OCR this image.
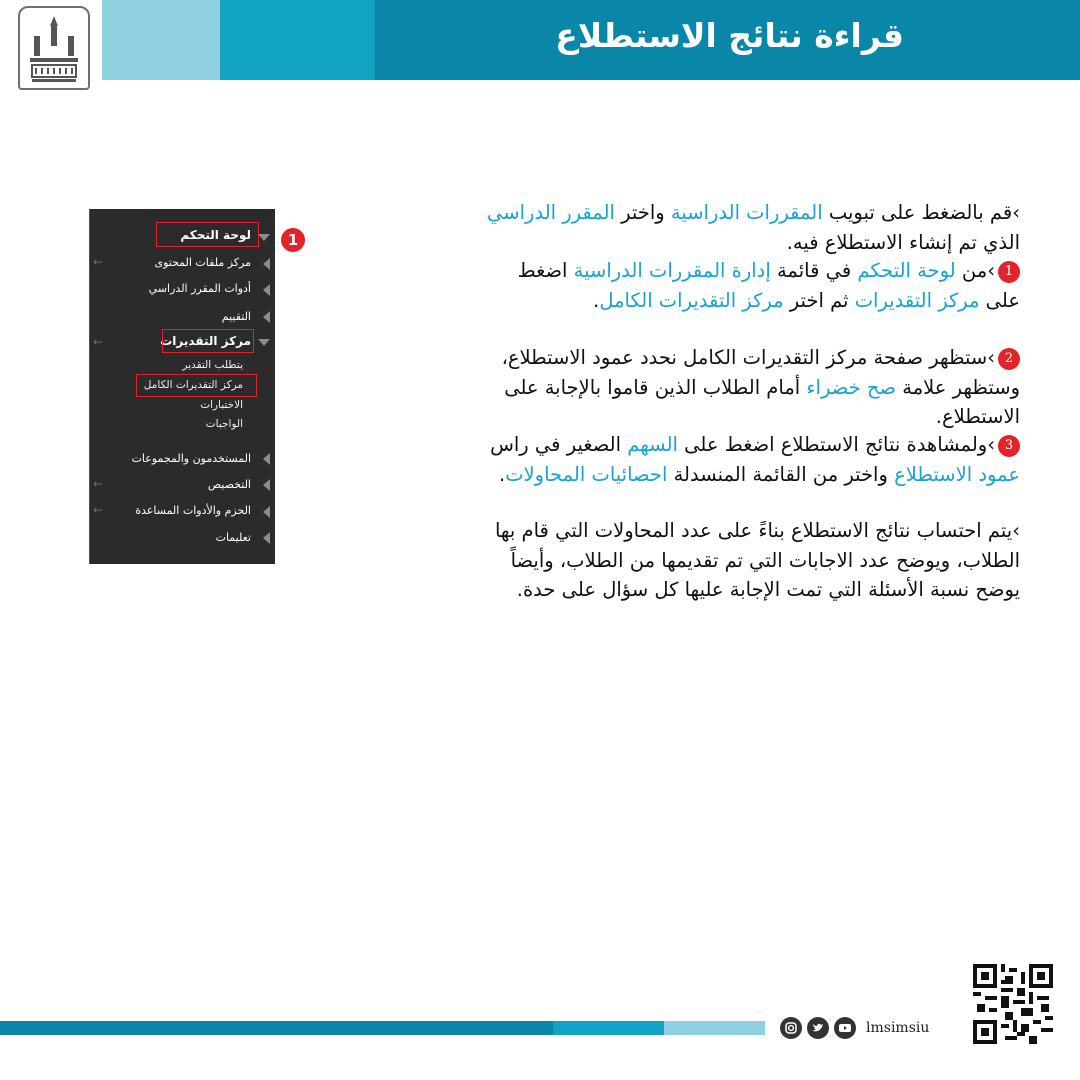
قراءة نتائج الاستطلاع
لوحة التحكم
←	مركز ملفات المحتوى
أدوات المقرر الدراسي
التقييم
←	مركز التقديرات
يتطلب التقدير
مركز التقديرات الكامل
الاختبارات
الواجبات
المستخدمون والمجموعات
←	التخصيص
←	الحزم والأدوات المساعدة
تعليمات
1
›قم بالضغط على تبويب المقررات الدراسية واختر المقرر الدراسي الذي تم إنشاء الاستطلاع فيه.
1›من لوحة التحكم في قائمة إدارة المقررات الدراسية اضغط على مركز التقديرات ثم اختر مركز التقديرات الكامل.
2›ستظهر صفحة مركز التقديرات الكامل نحدد عمود الاستطلاع، وستظهر علامة صح خضراء أمام الطلاب الذين قاموا بالإجابة على الاستطلاع.
3›ولمشاهدة نتائج الاستطلاع اضغط على السهم الصغير في راس عمود الاستطلاع واختر من القائمة المنسدلة احصائيات المحاولات.
›يتم احتساب نتائج الاستطلاع بناءً على عدد المحاولات التي قام بها الطلاب، ويوضح عدد الاجابات التي تم تقديمها من الطلاب، وأيضاً يوضح نسبة الأسئلة التي تمت الإجابة عليها كل سؤال على حدة.
lmsimsiu
